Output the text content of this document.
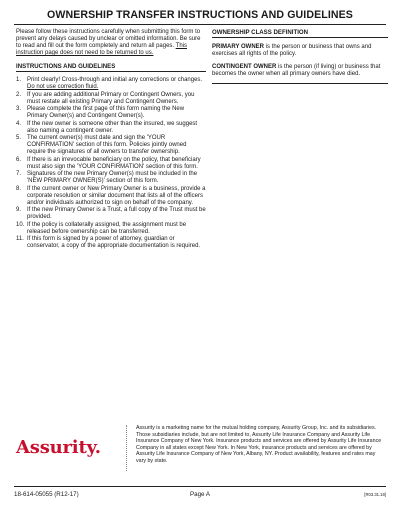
OWNERSHIP TRANSFER INSTRUCTIONS AND GUIDELINES

Please follow these instructions carefully when submitting this form to prevent any delays caused by unclear or omitted information. Be sure to read and fill out the form completely and return all pages. This instruction page does not need to be returned to us.

INSTRUCTIONS AND GUIDELINES
1. Print clearly! Cross-through and initial any corrections or changes. Do not use correction fluid.
2. If you are adding additional Primary or Contingent Owners, you must restate all existing Primary and Contingent Owners.
3. Please complete the first page of this form naming the New Primary Owner(s) and Contingent Owner(s).
4. If the new owner is someone other than the insured, we suggest also naming a contingent owner.
5. The current owner(s) must date and sign the 'YOUR CONFIRMATION' section of this form. Policies jointly owned require the signatures of all owners to transfer ownership.
6. If there is an irrevocable beneficiary on the policy, that beneficiary must also sign the 'YOUR CONFIRMATION' section of this form.
7. Signatures of the new Primary Owner(s) must be included in the 'NEW PRIMARY OWNER(S)' section of this form.
8. If the current owner or New Primary Owner is a business, provide a corporate resolution or similar document that lists all of the officers and/or individuals authorized to sign on behalf of the company.
9. If the new Primary Owner is a Trust, a full copy of the Trust must be provided.
10. If the policy is collaterally assigned, the assignment must be released before ownership can be transferred.
11. If this form is signed by a power of attorney, guardian or conservator, a copy of the appropriate documentation is required.
OWNERSHIP CLASS DEFINITION

PRIMARY OWNER is the person or business that owns and exercises all rights of the policy.

CONTINGENT OWNER is the person (if living) or business that becomes the owner when all primary owners have died.

Assurity.
Assurity is a marketing name for the mutual holding company, Assurity Group, Inc. and its subsidiaries. Those subsidiaries include, but are not limited to, Assurity Life Insurance Company and Assurity Life Insurance Company of New York. Insurance products and services are offered by Assurity Life Insurance Company in all states except New York. In New York, insurance products and services are offered by Assurity Life Insurance Company of New York, Albany, NY. Product availability, features and rates may vary by state.
18-614-05055 (R12-17)	Page A	[R03.31.18]
